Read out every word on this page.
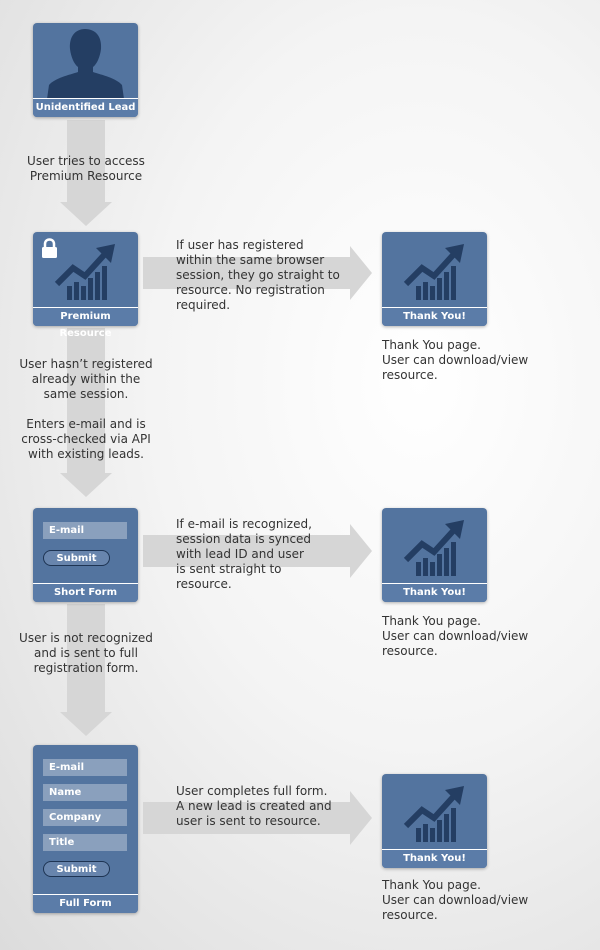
Unidentified Lead
Premium Resource
E-mail
Submit
Short Form
E-mail
Name
Company
Title
Submit
Full Form
Thank You!
Thank You!
Thank You!
User tries to access
Premium Resource
User hasn’t registered
already within the
same session.
Enters e-mail and is
cross-checked via API
with existing leads.
User is not recognized
and is sent to full
registration form.
If user has registered
within the same browser
session, they go straight to
resource. No registration
required.
If e-mail is recognized,
session data is synced
with lead ID and user
is sent straight to
resource.
User completes full form.
A new lead is created and
user is sent to resource.
Thank You page.
User can download/view
resource.
Thank You page.
User can download/view
resource.
Thank You page.
User can download/view
resource.
